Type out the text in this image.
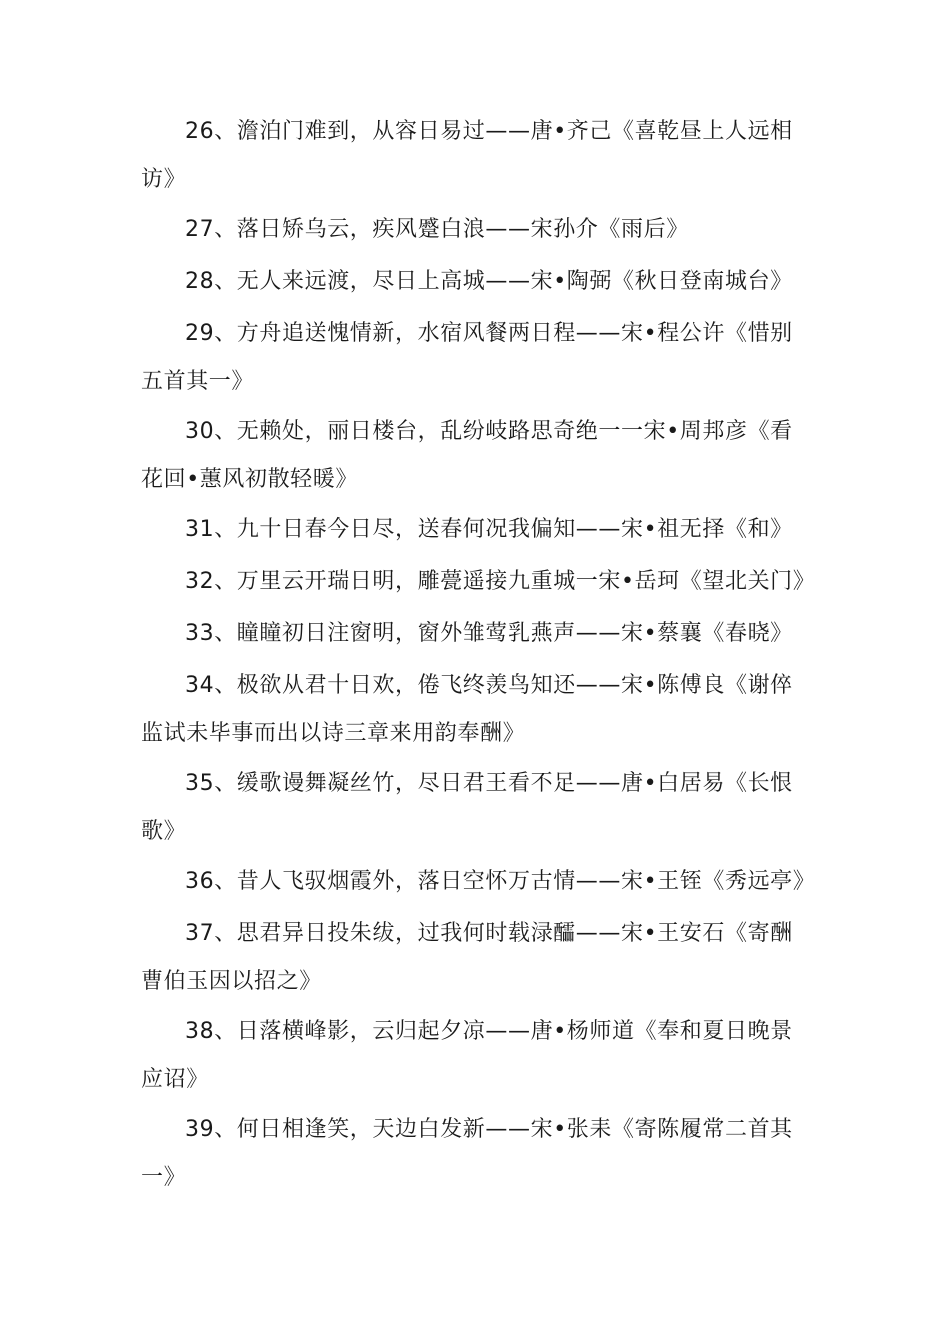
26、澹泊门难到，从容日易过——唐•齐己《喜乾昼上人远相访》

27、落日矫乌云，疾风蹙白浪——宋孙介《雨后》

28、无人来远渡，尽日上高城——宋•陶弼《秋日登南城台》

29、方舟追送愧情新，水宿风餐两日程——宋•程公许《惜别五首其一》

30、无赖处，丽日楼台，乱纷岐路思奇绝一一宋•周邦彦《看花回•蕙风初散轻暖》

31、九十日春今日尽，送春何况我偏知——宋•祖无择《和》

32、万里云开瑞日明，雕甍遥接九重城一宋•岳珂《望北关门》

33、瞳瞳初日注窗明，窗外雏莺乳燕声——宋•蔡襄《春晓》

34、极欲从君十日欢，倦飞终羡鸟知还——宋•陈傅良《谢倅监试未毕事而出以诗三章来用韵奉酬》

35、缓歌谩舞凝丝竹，尽日君王看不足——唐•白居易《长恨歌》

36、昔人飞驭烟霞外，落日空怀万古情——宋•王铚《秀远亭》

37、思君异日投朱绂，过我何时载渌醽——宋•王安石《寄酬曹伯玉因以招之》

38、日落横峰影，云归起夕凉——唐•杨师道《奉和夏日晚景应诏》

39、何日相逢笑，天边白发新——宋•张耒《寄陈履常二首其一》
